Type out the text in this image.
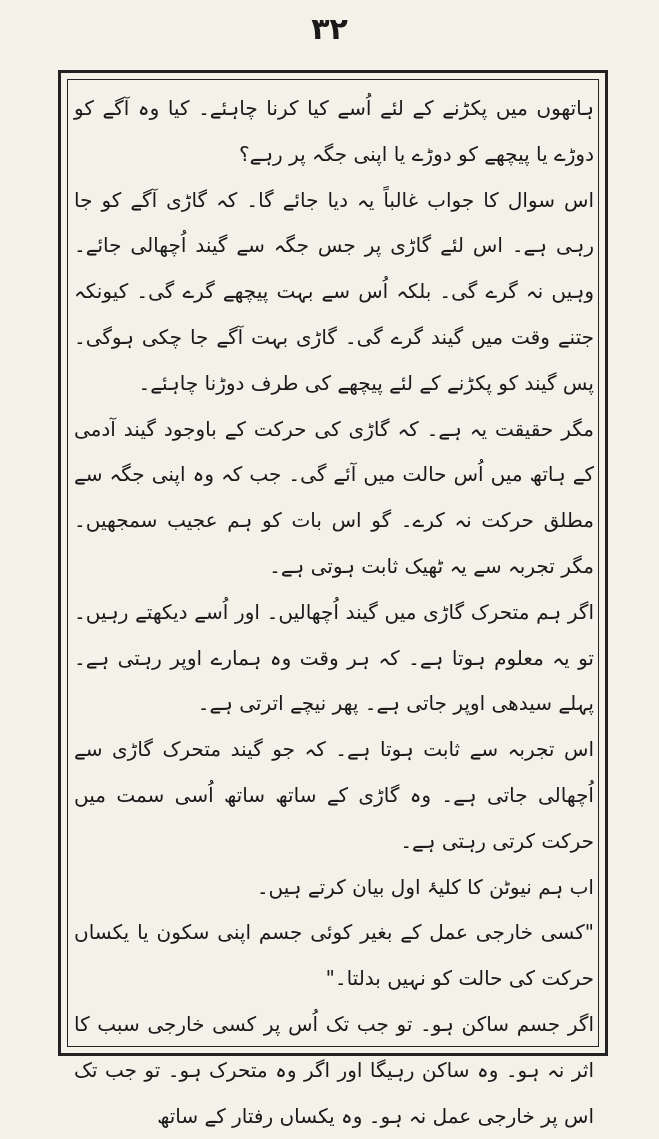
۳۲

ہاتھوں میں پکڑنے کے لئے اُسے کیا کرنا چاہئے۔ کیا وہ آگے کو دوڑے یا پیچھے کو دوڑے یا اپنی جگہ پر رہے؟

اس سوال کا جواب غالباً یہ دیا جائے گا۔ کہ گاڑی آگے کو جا رہی ہے۔ اس لئے گاڑی پر جس جگہ سے گیند اُچھالی جائے۔ وہیں نہ گرے گی۔ بلکہ اُس سے بہت پیچھے گرے گی۔ کیونکہ جتنے وقت میں گیند گرے گی۔ گاڑی بہت آگے جا چکی ہوگی۔ پس گیند کو پکڑنے کے لئے پیچھے کی طرف دوڑنا چاہئے۔

مگر حقیقت یہ ہے۔ کہ گاڑی کی حرکت کے باوجود گیند آدمی کے ہاتھ میں اُس حالت میں آئے گی۔ جب کہ وہ اپنی جگہ سے مطلق حرکت نہ کرے۔ گو اس بات کو ہم عجیب سمجھیں۔ مگر تجربہ سے یہ ٹھیک ثابت ہوتی ہے۔

اگر ہم متحرک گاڑی میں گیند اُچھالیں۔ اور اُسے دیکھتے رہیں۔ تو یہ معلوم ہوتا ہے۔ کہ ہر وقت وہ ہمارے اوپر رہتی ہے۔ پہلے سیدھی اوپر جاتی ہے۔ پھر نیچے اترتی ہے۔

اس تجربہ سے ثابت ہوتا ہے۔ کہ جو گیند متحرک گاڑی سے اُچھالی جاتی ہے۔ وہ گاڑی کے ساتھ ساتھ اُسی سمت میں حرکت کرتی رہتی ہے۔

اب ہم نیوٹن کا کلیۂ اول بیان کرتے ہیں۔

"کسی خارجی عمل کے بغیر کوئی جسم اپنی سکون یا یکساں حرکت کی حالت کو نہیں بدلتا۔"

اگر جسم ساکن ہو۔ تو جب تک اُس پر کسی خارجی سبب کا اثر نہ ہو۔ وہ ساکن رہیگا اور اگر وہ متحرک ہو۔ تو جب تک اس پر خارجی عمل نہ ہو۔ وہ یکساں رفتار کے ساتھ
